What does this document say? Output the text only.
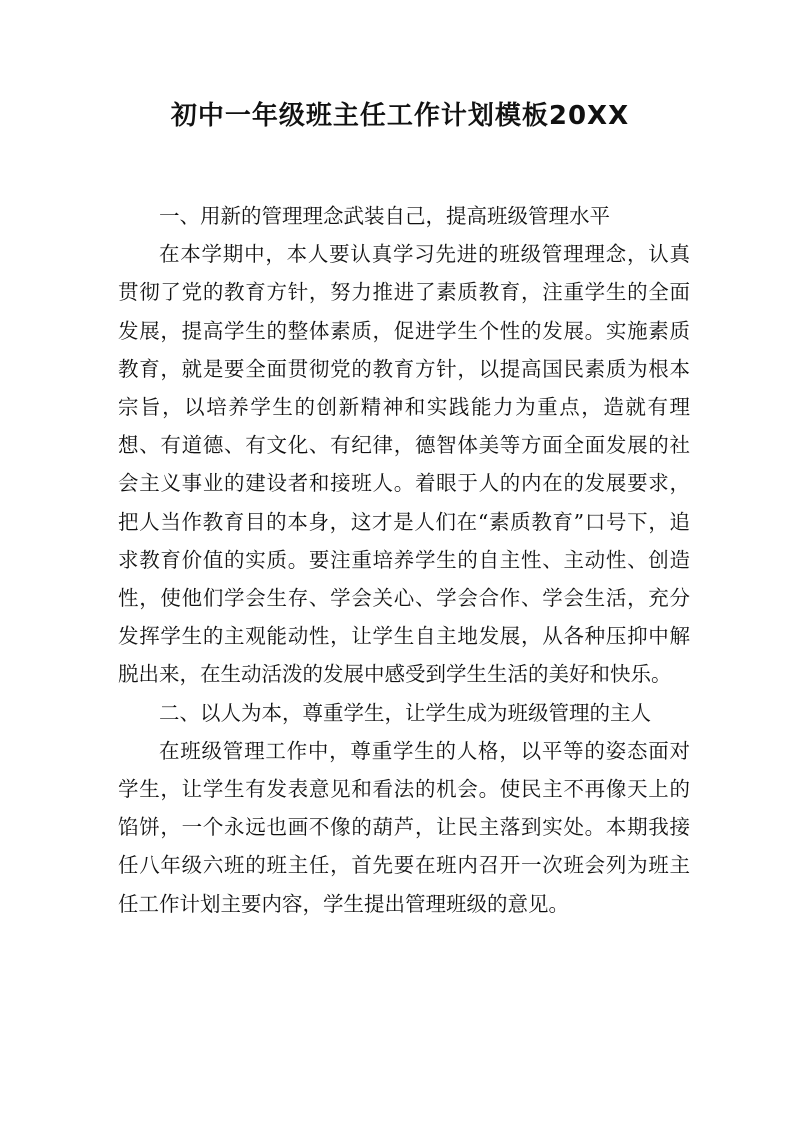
初中一年级班主任工作计划模板20XX

一、用新的管理理念武装自己，提高班级管理水平

在本学期中，本人要认真学习先进的班级管理理念，认真贯彻了党的教育方针，努力推进了素质教育，注重学生的全面发展，提高学生的整体素质，促进学生个性的发展。实施素质教育，就是要全面贯彻党的教育方针，以提高国民素质为根本宗旨，以培养学生的创新精神和实践能力为重点，造就有理想、有道德、有文化、有纪律，德智体美等方面全面发展的社会主义事业的建设者和接班人。着眼于人的内在的发展要求，把人当作教育目的本身，这才是人们在“素质教育”口号下，追求教育价值的实质。要注重培养学生的自主性、主动性、创造性，使他们学会生存、学会关心、学会合作、学会生活，充分发挥学生的主观能动性，让学生自主地发展，从各种压抑中解脱出来，在生动活泼的发展中感受到学生生活的美好和快乐。

二、以人为本，尊重学生，让学生成为班级管理的主人

在班级管理工作中，尊重学生的人格，以平等的姿态面对学生，让学生有发表意见和看法的机会。使民主不再像天上的馅饼，一个永远也画不像的葫芦，让民主落到实处。本期我接任八年级六班的班主任，首先要在班内召开一次班会列为班主任工作计划主要内容，学生提出管理班级的意见。
